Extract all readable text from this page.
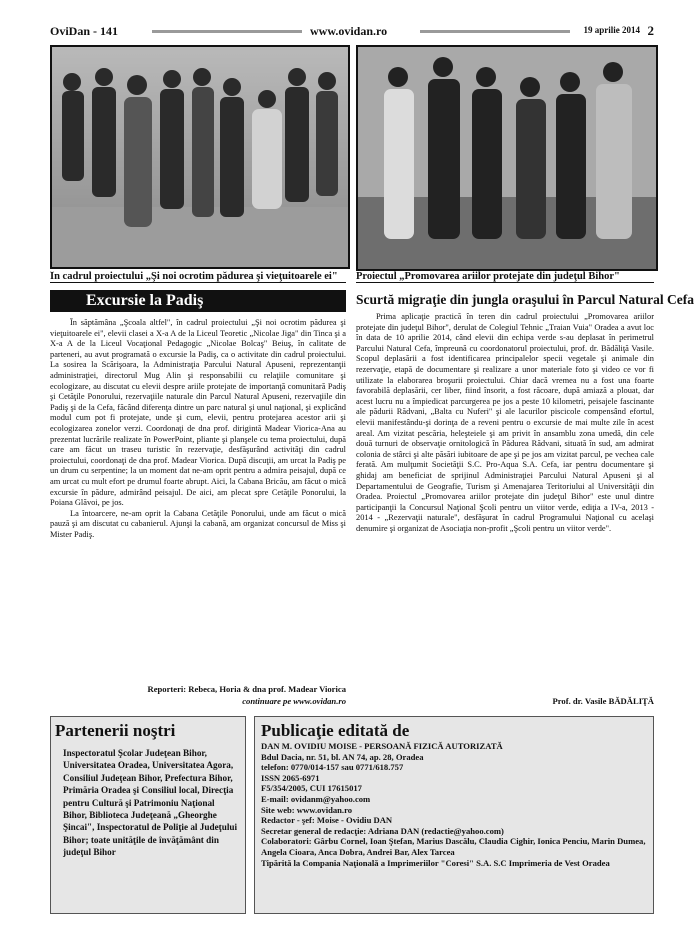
OviDan - 141	www.ovidan.ro	19 aprilie 2014 2
În cadrul proiectului „Şi noi ocrotim pădurea şi vieţuitoarele ei"
Excursie la Padiş
Proiectul „Promovarea ariilor protejate din judeţul Bihor"
Scurtă migraţie din jungla oraşului în Parcul Natural Cefa

În săptămâna „Şcoala altfel", în cadrul proiectului „Şi noi ocrotim pădurea şi vieţuitoarele ei", elevii clasei a X-a A de la Liceul Teoretic „Nicolae Jiga" din Tinca şi a X-a A de la Liceul Vocaţional Pedagogic „Nicolae Bolcaş" Beiuş, în calitate de parteneri, au avut programată o excursie la Padiş, ca o activitate din cadrul proiectului. La sosirea la Scărişoara, la Administraţia Parcului Natural Apuseni, reprezentanţii administraţiei, directorul Mug Alin şi responsabilii cu relaţiile comunitare şi ecologizare, au discutat cu elevii despre ariile protejate de importanţă comunitară Padiş şi Cetăţile Ponorului, rezervaţiile naturale din Parcul Natural Apuseni, rezervaţiile din Padiş şi de la Cefa, făcând diferenţa dintre un parc natural şi unul naţional, şi explicând modul cum pot fi protejate, unde şi cum, elevii, pentru protejarea acestor arii şi ecologizarea zonelor verzi. Coordonaţi de dna prof. dirigintă Madear Viorica-Ana au prezentat lucrările realizate în PowerPoint, pliante şi planşele cu tema proiectului, după care am făcut un traseu turistic în rezervaţie, desfăşurând activităţi din cadrul proiectului, coordonaţi de dna prof. Madear Viorica. După discuţii, am urcat la Padiş pe un drum cu serpentine; la un moment dat ne-am oprit pentru a admira peisajul, după ce am urcat cu mult efort pe drumul foarte abrupt. Aici, la Cabana Bricău, am făcut o mică excursie în pădure, admirând peisajul. De aici, am plecat spre Cetăţile Ponorului, la Poiana Glăvoi, pe jos.

La întoarcere, ne-am oprit la Cabana Cetăţile Ponorului, unde am făcut o mică pauză şi am discutat cu cabanierul. Ajunşi la cabană, am organizat concursul de Miss şi Mister Padiş.

Reporteri: Rebeca, Horia & dna prof. Madear Viorica
continuare pe www.ovidan.ro

Prima aplicaţie practică în teren din cadrul proiectului „Promovarea ariilor protejate din judeţul Bihor", derulat de Colegiul Tehnic „Traian Vuia" Oradea a avut loc în data de 10 aprilie 2014, când elevii din echipa verde s-au deplasat în perimetrul Parcului Natural Cefa, împreună cu coordonatorul proiectului, prof. dr. Bădăliţă Vasile. Scopul deplasării a fost identificarea principalelor specii vegetale şi animale din rezervaţie, etapă de documentare şi realizare a unor materiale foto şi video ce vor fi utilizate la elaborarea broşurii proiectului. Chiar dacă vremea nu a fost una foarte favorabilă deplasării, cer liber, fiind însorit, a fost răcoare, după amiază a plouat, dar acest lucru nu a împiedicat parcurgerea pe jos a peste 10 kilometri, peisajele fascinante ale pădurii Rădvani, „Balta cu Nuferi" şi ale lacurilor piscicole compensând efortul, elevii manifestându-şi dorinţa de a reveni pentru o excursie de mai multe zile în acest areal. Am vizitat pescăria, heleşteiele şi am privit în ansamblu zona umedă, din cele două turnuri de observaţie ornitologică în Pădurea Rădvani, situată în sud, am admirat colonia de stârci şi alte păsări iubitoare de ape şi pe jos am vizitat parcul, pe vechea cale ferată. Am mulţumit Societăţii S.C. Pro-Aqua S.A. Cefa, iar pentru documentare şi ghidaj am beneficiat de sprijinul Administraţiei Parcului Natural Apuseni şi al Departamentului de Geografie, Turism şi Amenajarea Teritoriului al Universităţii din Oradea. Proiectul „Promovarea ariilor protejate din judeţul Bihor" este unul dintre participanţii la Concursul Naţional Şcoli pentru un viitor verde, ediţia a IV-a, 2013 - 2014 - „Rezervaţii naturale", desfăşurat în cadrul Programului Naţional cu acelaşi denumire şi organizat de Asociaţia non-profit „Şcoli pentru un viitor verde".

Prof. dr. Vasile BĂDĂLIŢĂ
Partenerii noştri
Inspectoratul Şcolar Judeţean Bihor, Universitatea Oradea, Universitatea Agora, Consiliul Judeţean Bihor, Prefectura Bihor, Primăria Oradea şi Consiliul local, Direcţia pentru Cultură şi Patrimoniu Naţional Bihor, Biblioteca Judeţeană „Gheorghe Şincai", Inspectoratul de Poliţie al Judeţului Bihor; toate unităţile de învăţământ din judeţul Bihor
Publicaţie editată de
DAN M. OVIDIU MOISE - PERSOANĂ FIZICĂ AUTORIZATĂ
Bdul Dacia, nr. 51, bl. AN 74, ap. 28, Oradea
telefon: 0770/014-157 sau 0771/618.757
ISSN 2065-6971
F5/354/2005, CUI 17615017
E-mail: ovidanm@yahoo.com
Site web: www.ovidan.ro
Redactor - şef: Moise - Ovidiu DAN
Secretar general de redacţie: Adriana DAN (redactie@yahoo.com)
Colaboratori: Gârbu Cornel, Ioan Ştefan, Marius Dascălu, Claudia Cighir, Ionica Penciu, Marin Dumea, Angela Cioara, Anca Dobra, Andrei Bar, Alex Tarcea
Tipărită la Compania Naţională a Imprimeriilor "Coresi" S.A. S.C Imprimeria de Vest Oradea
